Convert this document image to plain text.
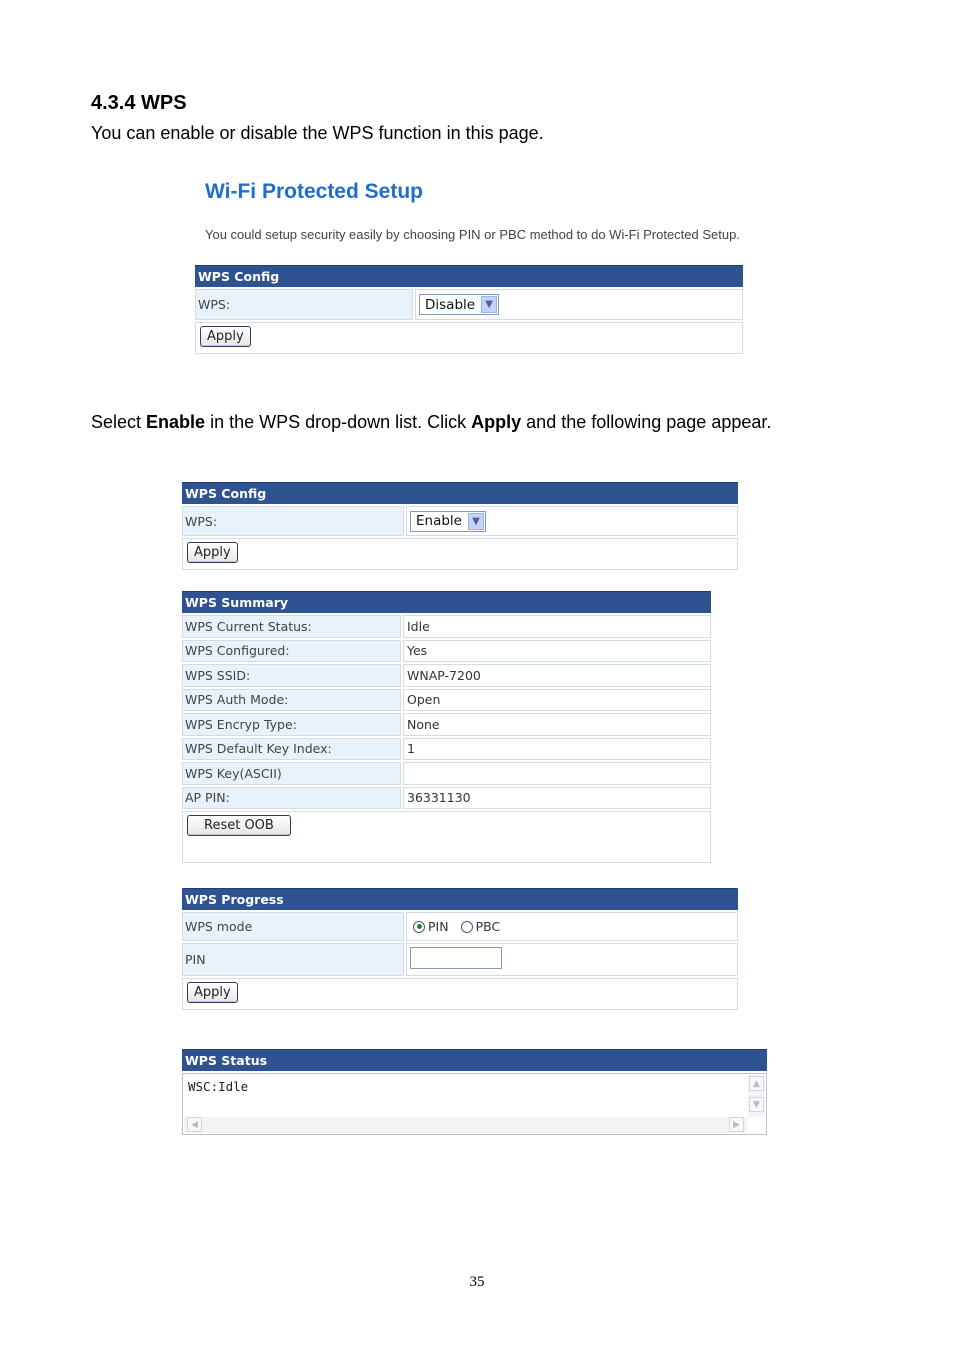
4.3.4 WPS
You can enable or disable the WPS function in this page.
Wi-Fi Protected Setup
You could setup security easily by choosing PIN or PBC method to do Wi-Fi Protected Setup.
WPS Config
WPS:	Disable	▼
Apply
Select Enable in the WPS drop-down list. Click Apply and the following page appear.
WPS Config
WPS:	Enable	▼
Apply
WPS Summary
WPS Current Status:	Idle
WPS Configured:	Yes
WPS SSID:	WNAP-7200
WPS Auth Mode:	Open
WPS Encryp Type:	None
WPS Default Key Index:	1
WPS Key(ASCII)
AP PIN:	36331130
Reset OOB
WPS Progress
WPS mode	PIN PBC
PIN
Apply
WPS Status
WSC:Idle	▲
▼
◀	▶
35
